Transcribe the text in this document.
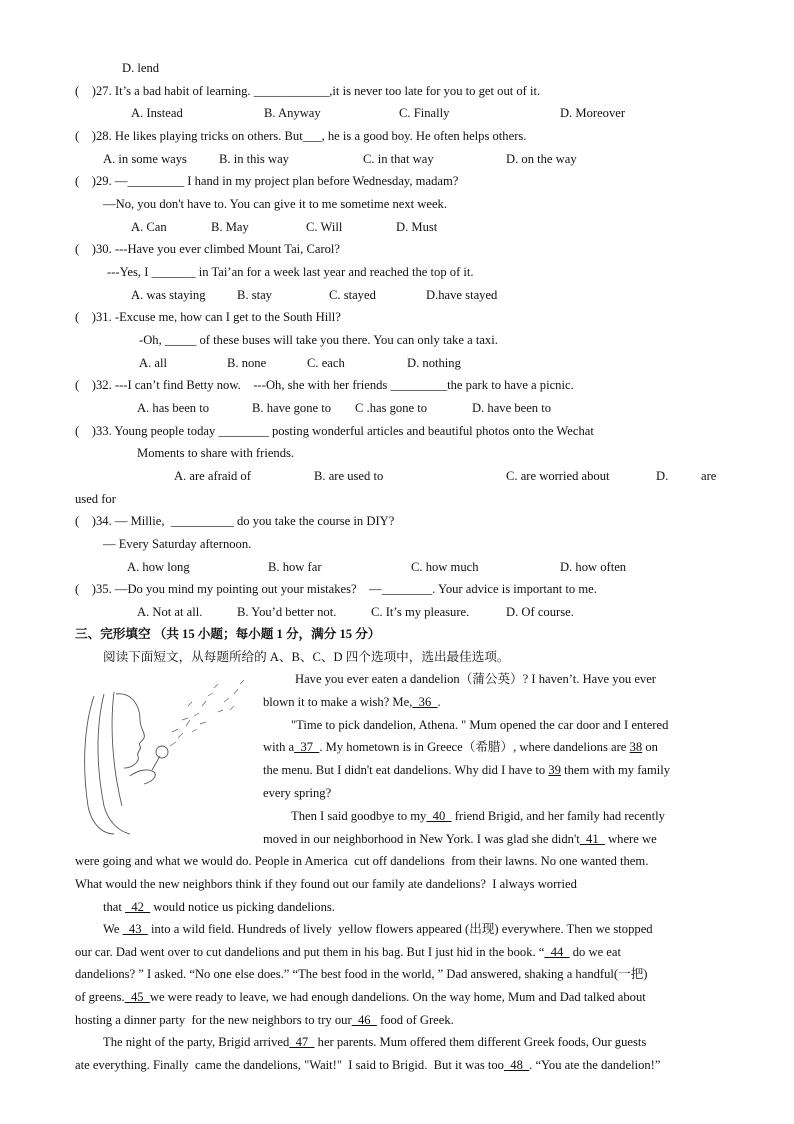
D. lend
(    )27. It’s a bad habit of learning. ____________,it is never too late for you to get out of it.
A. Instead	B. Anyway	C. Finally	D. Moreover
(    )28. He likes playing tricks on others. But___, he is a good boy. He often helps others.
A. in some ways	B. in this way	C. in that way	D. on the way
(    )29. —_________ I hand in my project plan before Wednesday, madam?
—No, you don't have to. You can give it to me sometime next week.
A. Can	B. May	C. Will	D. Must
(    )30. ---Have you ever climbed Mount Tai, Carol?
---Yes, I _______ in Tai’an for a week last year and reached the top of it.
A. was staying B. stay	C. stayed	D.have stayed
(    )31. -Excuse me, how can I get to the South Hill?
-Oh, _____ of these buses will take you there. You can only take a taxi.
A. all	B. none	C. each	D. nothing
(    )32. ---I can’t find Betty now.    ---Oh, she with her friends _________the park to have a picnic.
A. has been to	B. have gone to C .has gone to	D. have been to
(    )33. Young people today ________ posting wonderful articles and beautiful photos onto the Wechat
Moments to share with friends.
A. are afraid of	B. are used to	C. are worried about	D.	are
used for
(    )34. — Millie,  __________ do you take the course in DIY?
— Every Saturday afternoon.
A. how long	B. how far	C. how much	D. how often
(    )35. —Do you mind my pointing out your mistakes?    —________. Your advice is important to me.
A. Not at all.	B. You’d better not.	C. It’s my pleasure.	D. Of course.
三、完形填空 （共 15 小题；每小题 1 分，满分 15 分）
阅读下面短文，从每题所给的 A、B、C、D 四个选项中，选出最佳选项。
Have you ever eaten a dandelion（蒲公英）? I haven’t. Have you ever
blown it to make a wish? Me,  36  .
"Time to pick dandelion, Athena. " Mum opened the car door and I entered
with a  37  . My hometown is in Greece（希腊）, where dandelions are 38 on
the menu. But I didn't eat dandelions. Why did I have to 39 them with my family
every spring?
Then I said goodbye to my  40   friend Brigid, and her family had recently
moved in our neighborhood in New York. I was glad she didn't  41   where we
were going and what we would do. People in America  cut off dandelions  from their lawns. No one wanted them.
What would the new neighbors think if they found out our family ate dandelions?  I always worried
that   42   would notice us picking dandelions.
We   43   into a wild field. Hundreds of lively  yellow flowers appeared (出现) everywhere. Then we stopped
our car. Dad went over to cut dandelions and put them in his bag. But I just hid in the book. “  44   do we eat
dandelions? ” I asked. “No one else does.” “The best food in the world, ” Dad answered, shaking a handful(一把)
of greens.  45  we were ready to leave, we had enough dandelions. On the way home, Mum and Dad talked about
hosting a dinner party  for the new neighbors to try our  46   food of Greek.
The night of the party, Brigid arrived  47   her parents. Mum offered them different Greek foods, Our guests
ate everything. Finally  came the dandelions, "Wait!"  I said to Brigid.  But it was too  48  . “You ate the dandelion!”
